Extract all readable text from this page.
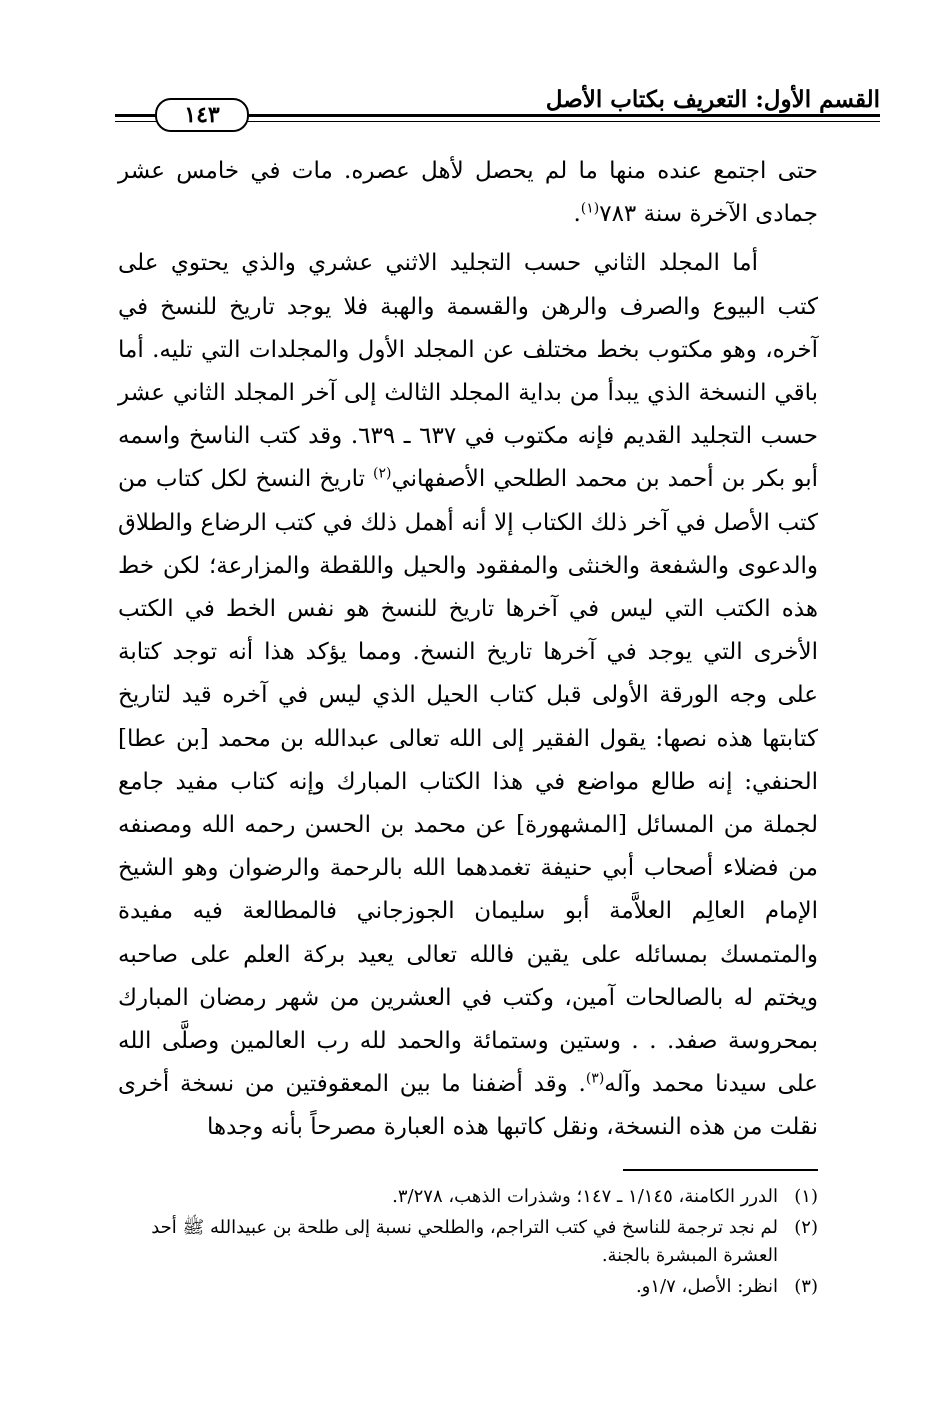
القسم الأول: التعريف بكتاب الأصل
١٤٣

حتى اجتمع عنده منها ما لم يحصل لأهل عصره. مات في خامس عشر جمادى الآخرة سنة ٧٨٣$^{(١)}$.

أما المجلد الثاني حسب التجليد الاثني عشري والذي يحتوي على كتب البيوع والصرف والرهن والقسمة والهبة فلا يوجد تاريخ للنسخ في آخره، وهو مكتوب بخط مختلف عن المجلد الأول والمجلدات التي تليه. أما باقي النسخة الذي يبدأ من بداية المجلد الثالث إلى آخر المجلد الثاني عشر حسب التجليد القديم فإنه مكتوب في ٦٣٧ ـ ٦٣٩. وقد كتب الناسخ واسمه أبو بكر بن أحمد بن محمد الطلحي الأصفهاني$^{(٢)}$ تاريخ النسخ لكل كتاب من كتب الأصل في آخر ذلك الكتاب إلا أنه أهمل ذلك في كتب الرضاع والطلاق والدعوى والشفعة والخنثى والمفقود والحيل واللقطة والمزارعة؛ لكن خط هذه الكتب التي ليس في آخرها تاريخ للنسخ هو نفس الخط في الكتب الأخرى التي يوجد في آخرها تاريخ النسخ. ومما يؤكد هذا أنه توجد كتابة على وجه الورقة الأولى قبل كتاب الحيل الذي ليس في آخره قيد لتاريخ كتابتها هذه نصها: يقول الفقير إلى الله تعالى عبدالله بن محمد [بن عطا] الحنفي: إنه طالع مواضع في هذا الكتاب المبارك وإنه كتاب مفيد جامع لجملة من المسائل [المشهورة] عن محمد بن الحسن رحمه الله ومصنفه من فضلاء أصحاب أبي حنيفة تغمدهما الله بالرحمة والرضوان وهو الشيخ الإمام العالِم العلاَّمة أبو سليمان الجوزجاني فالمطالعة فيه مفيدة والمتمسك بمسائله على يقين فالله تعالى يعيد بركة العلم على صاحبه ويختم له بالصالحات آمين، وكتب في العشرين من شهر رمضان المبارك بمحروسة صفد. . . وستين وستمائة والحمد لله رب العالمين وصلَّى الله على سيدنا محمد وآله$^{(٣)}$. وقد أضفنا ما بين المعقوفتين من نسخة أخرى نقلت من هذه النسخة، ونقل كاتبها هذه العبارة مصرحاً بأنه وجدها

(١)
الدرر الكامنة، ١/١٤٥ ـ ١٤٧؛ وشذرات الذهب، ٣/٢٧٨.
(٢)
لم نجد ترجمة للناسخ في كتب التراجم، والطلحي نسبة إلى طلحة بن عبيدالله ﷺ أحد العشرة المبشرة بالجنة.
(٣)
انظر: الأصل، ١/٧و.
